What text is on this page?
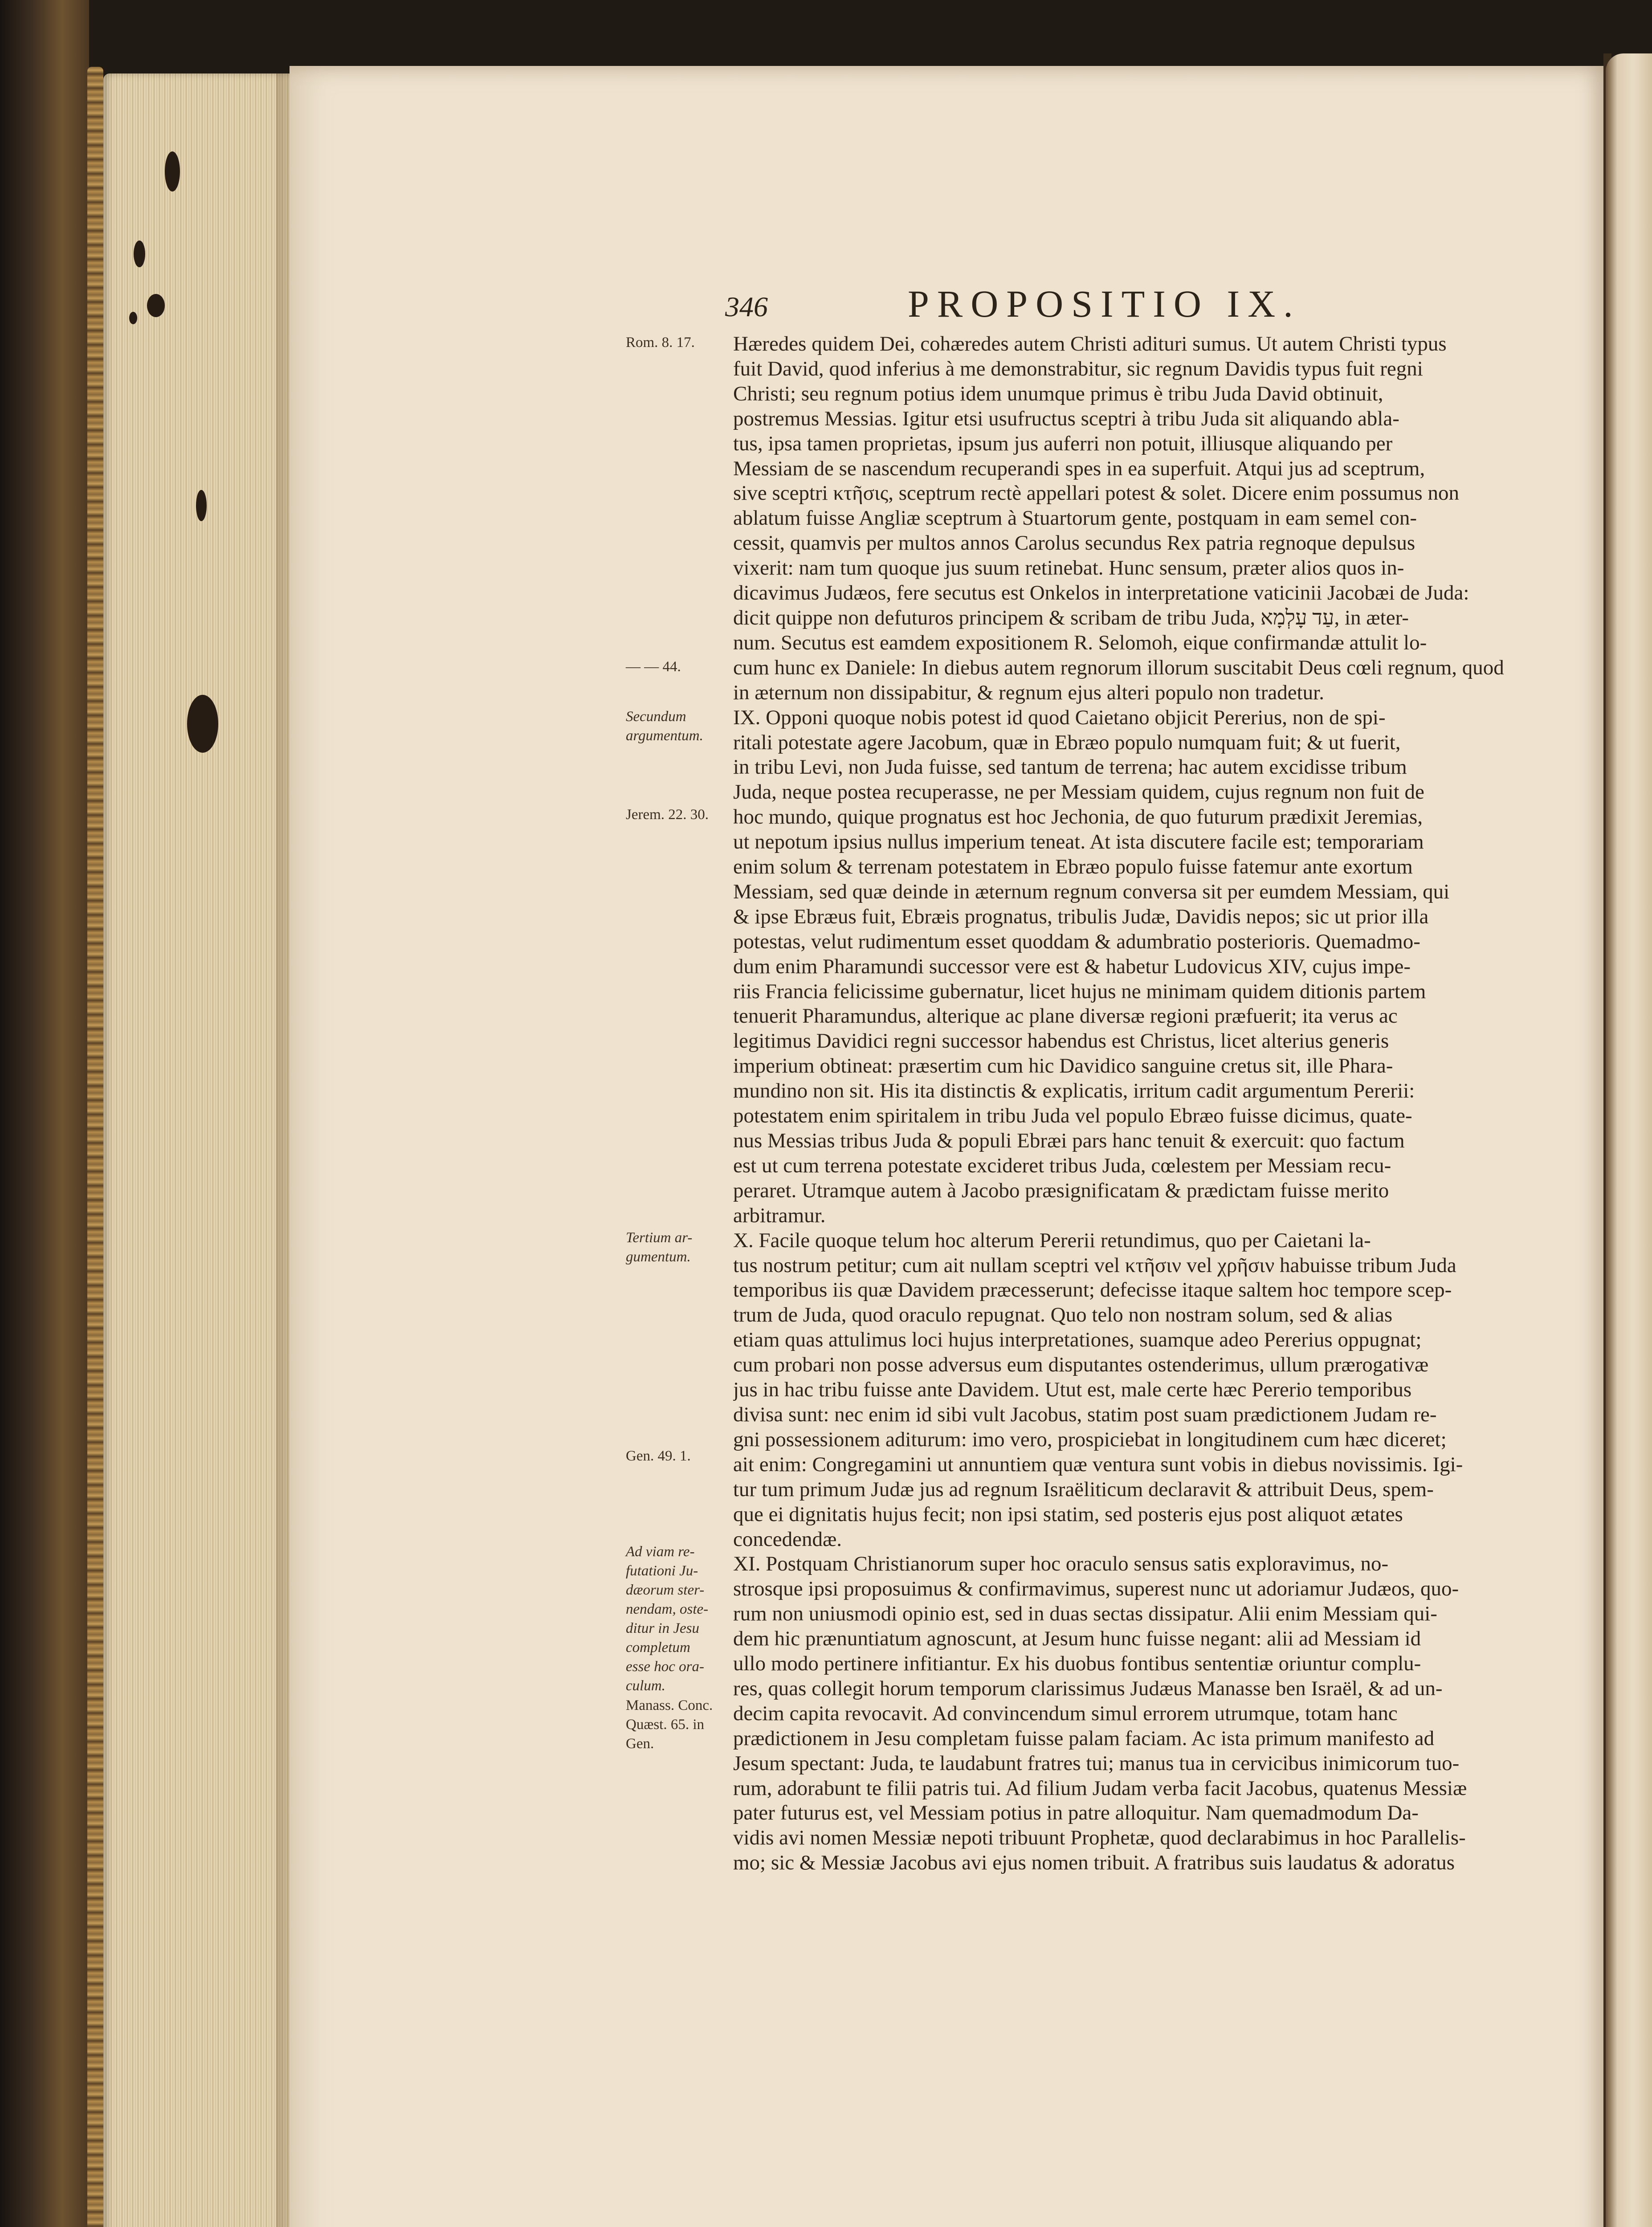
346	PROPOSITIO IX.

Rom. 8. 17.

— — 44.

Secundum

argumentum.

Jerem. 22. 30.

Tertium ar-

gumentum.

Gen. 49. 1.

Ad viam re-

futationi Ju-

dæorum ster-

nendam, oste-

ditur in Jesu

completum

esse hoc ora-

culum.

Manass. Conc.

Quæst. 65. in

Gen.

Hæredes quidem Dei, cohæredes autem Christi adituri sumus. Ut autem Christi typus

fuit David, quod inferius à me demonstrabitur, sic regnum Davidis typus fuit regni

Christi; seu regnum potius idem unumque primus è tribu Juda David obtinuit,

postremus Messias. Igitur etsi usufructus sceptri à tribu Juda sit aliquando abla-

tus, ipsa tamen proprietas, ipsum jus auferri non potuit, illiusque aliquando per

Messiam de se nascendum recuperandi spes in ea superfuit. Atqui jus ad sceptrum,

sive sceptri κτῆσις, sceptrum rectè appellari potest & solet. Dicere enim possumus non

ablatum fuisse Angliæ sceptrum à Stuartorum gente, postquam in eam semel con-

cessit, quamvis per multos annos Carolus secundus Rex patria regnoque depulsus

vixerit: nam tum quoque jus suum retinebat. Hunc sensum, præter alios quos in-

dicavimus Judæos, fere secutus est Onkelos in interpretatione vaticinii Jacobæi de Juda:

dicit quippe non defuturos principem & scribam de tribu Juda, עַד עָלְמָא, in æter-

num. Secutus est eamdem expositionem R. Selomoh, eique confirmandæ attulit lo-

cum hunc ex Daniele: In diebus autem regnorum illorum suscitabit Deus cœli regnum, quod

in æternum non dissipabitur, & regnum ejus alteri populo non tradetur.

IX. Opponi quoque nobis potest id quod Caietano objicit Pererius, non de spi-

ritali potestate agere Jacobum, quæ in Ebræo populo numquam fuit; & ut fuerit,

in tribu Levi, non Juda fuisse, sed tantum de terrena; hac autem excidisse tribum

Juda, neque postea recuperasse, ne per Messiam quidem, cujus regnum non fuit de

hoc mundo, quique prognatus est hoc Jechonia, de quo futurum prædixit Jeremias,

ut nepotum ipsius nullus imperium teneat. At ista discutere facile est; temporariam

enim solum & terrenam potestatem in Ebræo populo fuisse fatemur ante exortum

Messiam, sed quæ deinde in æternum regnum conversa sit per eumdem Messiam, qui

& ipse Ebræus fuit, Ebræis prognatus, tribulis Judæ, Davidis nepos; sic ut prior illa

potestas, velut rudimentum esset quoddam & adumbratio posterioris. Quemadmo-

dum enim Pharamundi successor vere est & habetur Ludovicus XIV, cujus impe-

riis Francia felicissime gubernatur, licet hujus ne minimam quidem ditionis partem

tenuerit Pharamundus, alterique ac plane diversæ regioni præfuerit; ita verus ac

legitimus Davidici regni successor habendus est Christus, licet alterius generis

imperium obtineat: præsertim cum hic Davidico sanguine cretus sit, ille Phara-

mundino non sit. His ita distinctis & explicatis, irritum cadit argumentum Pererii:

potestatem enim spiritalem in tribu Juda vel populo Ebræo fuisse dicimus, quate-

nus Messias tribus Juda & populi Ebræi pars hanc tenuit & exercuit: quo factum

est ut cum terrena potestate excideret tribus Juda, cœlestem per Messiam recu-

peraret. Utramque autem à Jacobo præsignificatam & prædictam fuisse merito

arbitramur.

X. Facile quoque telum hoc alterum Pererii retundimus, quo per Caietani la-

tus nostrum petitur; cum ait nullam sceptri vel κτῆσιν vel χρῆσιν habuisse tribum Juda

temporibus iis quæ Davidem præcesserunt; defecisse itaque saltem hoc tempore scep-

trum de Juda, quod oraculo repugnat. Quo telo non nostram solum, sed & alias

etiam quas attulimus loci hujus interpretationes, suamque adeo Pererius oppugnat;

cum probari non posse adversus eum disputantes ostenderimus, ullum prærogativæ

jus in hac tribu fuisse ante Davidem. Utut est, male certe hæc Pererio temporibus

divisa sunt: nec enim id sibi vult Jacobus, statim post suam prædictionem Judam re-

gni possessionem aditurum: imo vero, prospiciebat in longitudinem cum hæc diceret;

ait enim: Congregamini ut annuntiem quæ ventura sunt vobis in diebus novissimis. Igi-

tur tum primum Judæ jus ad regnum Israëliticum declaravit & attribuit Deus, spem-

que ei dignitatis hujus fecit; non ipsi statim, sed posteris ejus post aliquot ætates

concedendæ.

XI. Postquam Christianorum super hoc oraculo sensus satis exploravimus, no-

strosque ipsi proposuimus & confirmavimus, superest nunc ut adoriamur Judæos, quo-

rum non uniusmodi opinio est, sed in duas sectas dissipatur. Alii enim Messiam qui-

dem hic prænuntiatum agnoscunt, at Jesum hunc fuisse negant: alii ad Messiam id

ullo modo pertinere infitiantur. Ex his duobus fontibus sententiæ oriuntur complu-

res, quas collegit horum temporum clarissimus Judæus Manasse ben Israël, & ad un-

decim capita revocavit. Ad convincendum simul errorem utrumque, totam hanc

prædictionem in Jesu completam fuisse palam faciam. Ac ista primum manifesto ad

Jesum spectant: Juda, te laudabunt fratres tui; manus tua in cervicibus inimicorum tuo-

rum, adorabunt te filii patris tui. Ad filium Judam verba facit Jacobus, quatenus Messiæ

pater futurus est, vel Messiam potius in patre alloquitur. Nam quemadmodum Da-

vidis avi nomen Messiæ nepoti tribuunt Prophetæ, quod declarabimus in hoc Parallelis-

mo; sic & Messiæ Jacobus avi ejus nomen tribuit. A fratribus suis laudatus & adoratus
